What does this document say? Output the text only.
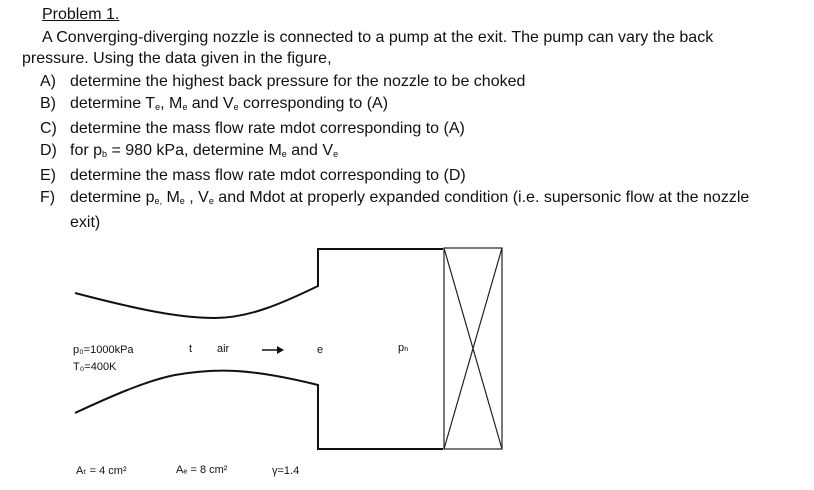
Problem 1.
A Converging-diverging nozzle is connected to a pump at the exit. The pump can vary the back
pressure. Using the data given in the figure,
A) determine the highest back pressure for the nozzle to be choked
B) determine $T_e$, $M_e$ and $V_e$ corresponding to (A)
C) determine the mass flow rate mdot corresponding to (A)
D) for $p_b = 980$ kPa, determine $M_e$ and $V_e$
E) determine the mass flow rate mdot corresponding to (D)
F) determine $p_{e,}$ $M_e$ , $V_e$ and Mdot at properly expanded condition (i.e. supersonic flow at the nozzle
exit)
p₀=1000kPa
T₀=400K
t air	e	pₕ
Aₜ = 4 cm²	Aₑ = 8 cm²	γ=1.4
